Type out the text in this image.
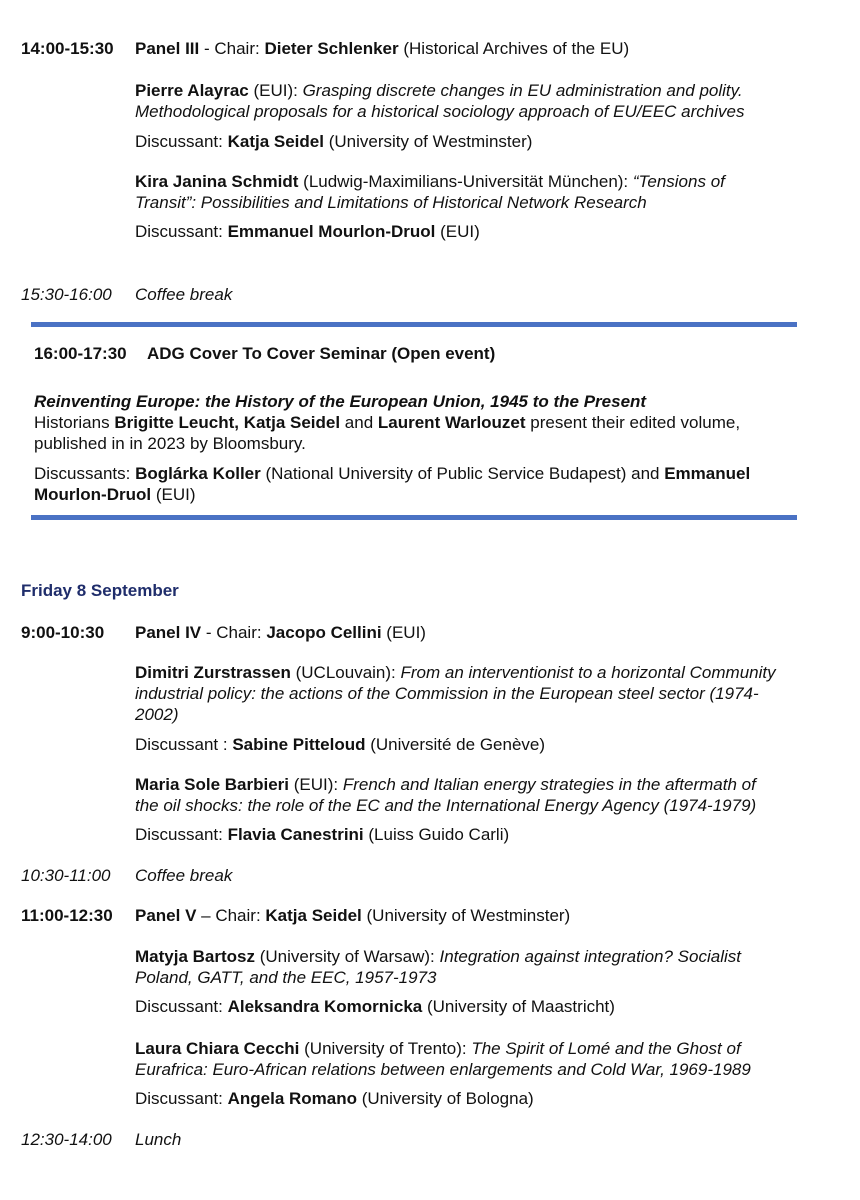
14:00-15:30 Panel III - Chair: Dieter Schlenker (Historical Archives of the EU)
Pierre Alayrac (EUI): Grasping discrete changes in EU administration and polity.
Methodological proposals for a historical sociology approach of EU/EEC archives
Discussant: Katja Seidel (University of Westminster)
Kira Janina Schmidt (Ludwig-Maximilians-Universität München): “Tensions of
Transit”: Possibilities and Limitations of Historical Network Research
Discussant: Emmanuel Mourlon-Druol (EUI)
15:30-16:00 Coffee break
16:00-17:30 ADG Cover To Cover Seminar (Open event)
Reinventing Europe: the History of the European Union, 1945 to the Present
Historians Brigitte Leucht, Katja Seidel and Laurent Warlouzet present their edited volume,
published in in 2023 by Bloomsbury.
Discussants: Boglárka Koller (National University of Public Service Budapest) and Emmanuel
Mourlon-Druol (EUI)
Friday 8 September
9:00-10:30 Panel IV - Chair: Jacopo Cellini (EUI)
Dimitri Zurstrassen (UCLouvain): From an interventionist to a horizontal Community
industrial policy: the actions of the Commission in the European steel sector (1974-
2002)
Discussant : Sabine Pitteloud (Université de Genève)
Maria Sole Barbieri (EUI): French and Italian energy strategies in the aftermath of
the oil shocks: the role of the EC and the International Energy Agency (1974-1979)
Discussant: Flavia Canestrini (Luiss Guido Carli)
10:30-11:00 Coffee break
11:00-12:30 Panel V – Chair: Katja Seidel (University of Westminster)
Matyja Bartosz (University of Warsaw): Integration against integration? Socialist
Poland, GATT, and the EEC, 1957-1973
Discussant: Aleksandra Komornicka (University of Maastricht)
Laura Chiara Cecchi (University of Trento): The Spirit of Lomé and the Ghost of
Eurafrica: Euro-African relations between enlargements and Cold War, 1969-1989
Discussant: Angela Romano (University of Bologna)
12:30-14:00 Lunch
